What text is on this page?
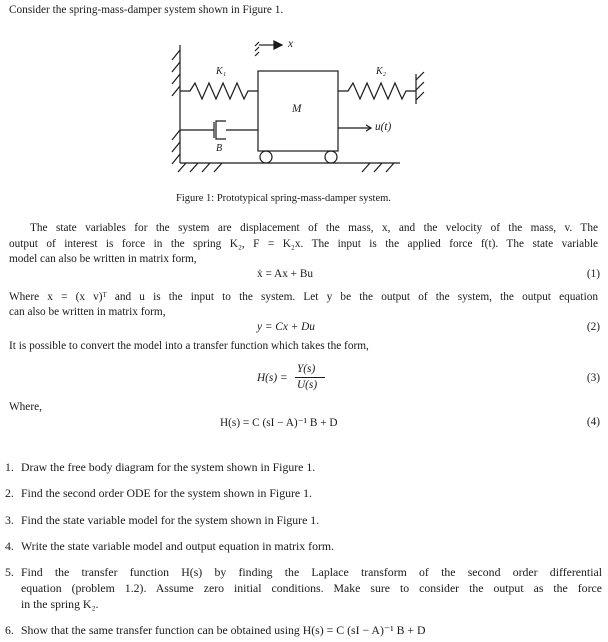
Consider the spring-mass-damper system shown in Figure 1.
x
K₁	K₂
M
B
u(t)
Figure 1: Prototypical spring-mass-damper system.
The state variables for the system are displacement of the mass, x, and the velocity of the mass, v. The
output of interest is force in the spring K₂, F = K₂x. The input is the applied force f(t). The state variable
model can also be written in matrix form,
ẋ = Ax + Bu	(1)
Where x = (x v)ᵀ and u is the input to the system. Let y be the output of the system, the output equation
can also be written in matrix form,
y = Cx + Du	(2)
It is possible to convert the model into a transfer function which takes the form,
H(s) =
Y(s)
U(s)
(3)
Where,
H(s) = C (sI − A)⁻¹ B + D	(4)
1. Draw the free body diagram for the system shown in Figure 1.
2. Find the second order ODE for the system shown in Figure 1.
3. Find the state variable model for the system shown in Figure 1.
4. Write the state variable model and output equation in matrix form.
5. Find the transfer function H(s) by finding the Laplace transform of the second order differential
equation (problem 1.2). Assume zero initial conditions. Make sure to consider the output as the force
in the spring K₂.
6. Show that the same transfer function can be obtained using H(s) = C (sI − A)⁻¹ B + D
